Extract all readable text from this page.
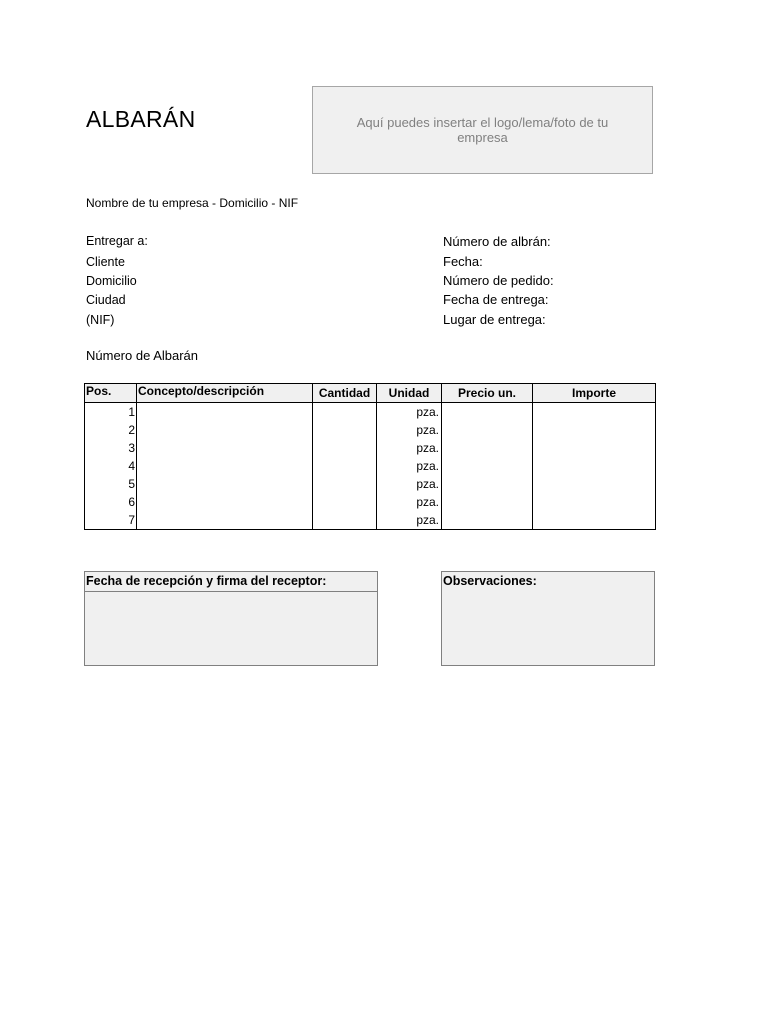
ALBARÁN	Aquí puedes insertar el logo/lema/foto de tu empresa
Nombre de tu empresa - Domicilio - NIF
Entregar a:
Cliente
Domicilio
Ciudad
(NIF)
Número de albrán:
Fecha:
Número de pedido:
Fecha de entrega:
Lugar de entrega:
Número de Albarán
Pos.	Concepto/descripción	Cantidad	Unidad	Precio un.	Importe
1			pza.		
2			pza.		
3			pza.		
4			pza.		
5			pza.		
6			pza.		
7			pza.		
Fecha de recepción y firma del receptor:	Observaciones:
